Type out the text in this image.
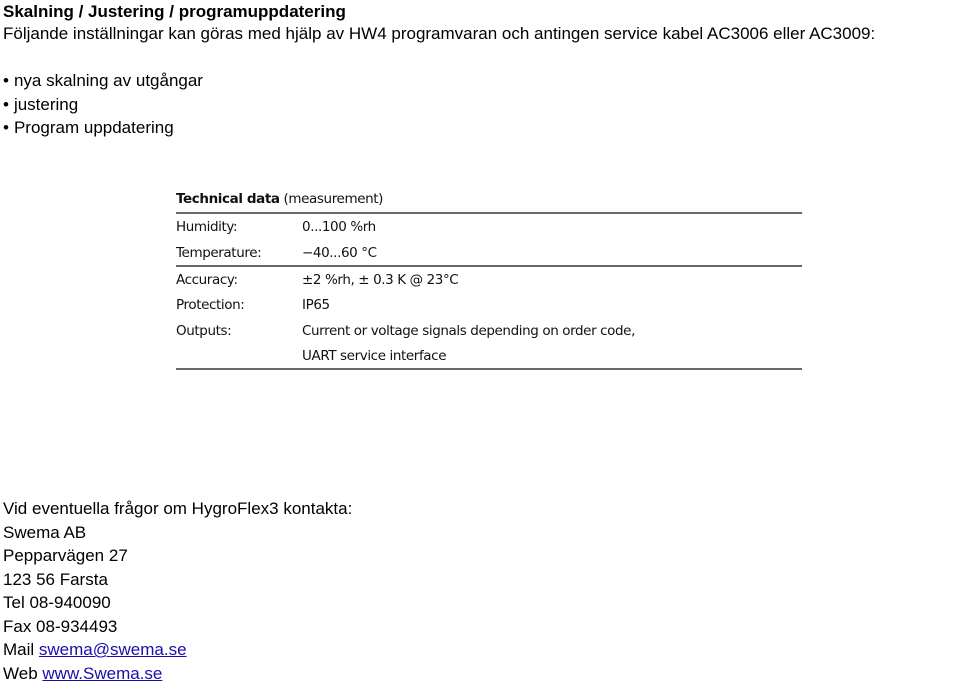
Skalning / Justering / programuppdatering
Följande inställningar kan göras med hjälp av HW4 programvaran och antingen service kabel AC3006 eller AC3009:
• nya skalning av utgångar
• justering
• Program uppdatering
Technical data (measurement)
Humidity:	0...100 %rh
Temperature:	−40...60 °C
Accuracy:	±2 %rh, ± 0.3 K @ 23°C
Protection:	IP65
Outputs:	Current or voltage signals depending on order code,
UART service interface
Vid eventuella frågor om HygroFlex3 kontakta:
Swema AB
Pepparvägen 27
123 56 Farsta
Tel 08-940090
Fax 08-934493
Mail swema@swema.se
Web www.Swema.se
